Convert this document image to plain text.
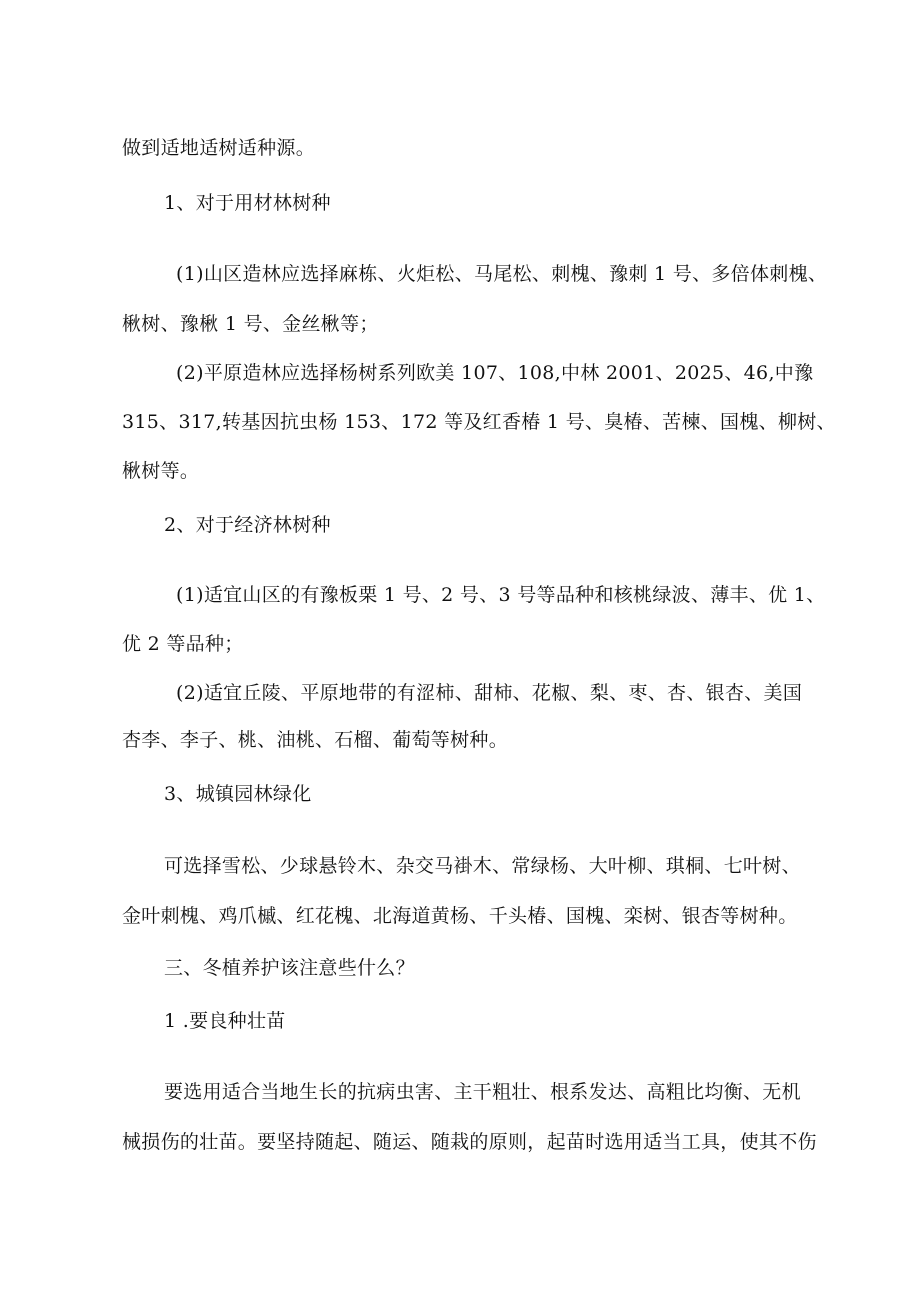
做到适地适树适种源。

1、对于用材林树种

(1)山区造林应选择麻栋、火炬松、马尾松、刺槐、豫刺 1 号、多倍体刺槐、

楸树、豫楸 1 号、金丝楸等；

(2)平原造林应选择杨树系列欧美 107、108,中林 2001、2025、46,中豫

315、317,转基因抗虫杨 153、172 等及红香椿 1 号、臭椿、苦楝、国槐、柳树、

楸树等。

2、对于经济林树种

(1)适宜山区的有豫板栗 1 号、2 号、3 号等品种和核桃绿波、薄丰、优 1、

优 2 等品种；

(2)适宜丘陵、平原地带的有涩柿、甜柿、花椒、梨、枣、杏、银杏、美国

杏李、李子、桃、油桃、石榴、葡萄等树种。

3、城镇园林绿化

可选择雪松、少球悬铃木、杂交马褂木、常绿杨、大叶柳、琪桐、七叶树、

金叶刺槐、鸡爪槭、红花槐、北海道黄杨、千头椿、国槐、栾树、银杏等树种。

三、冬植养护该注意些什么？

1 .要良种壮苗

要选用适合当地生长的抗病虫害、主干粗壮、根系发达、高粗比均衡、无机

械损伤的壮苗。要坚持随起、随运、随栽的原则，起苗时选用适当工具，使其不伤
